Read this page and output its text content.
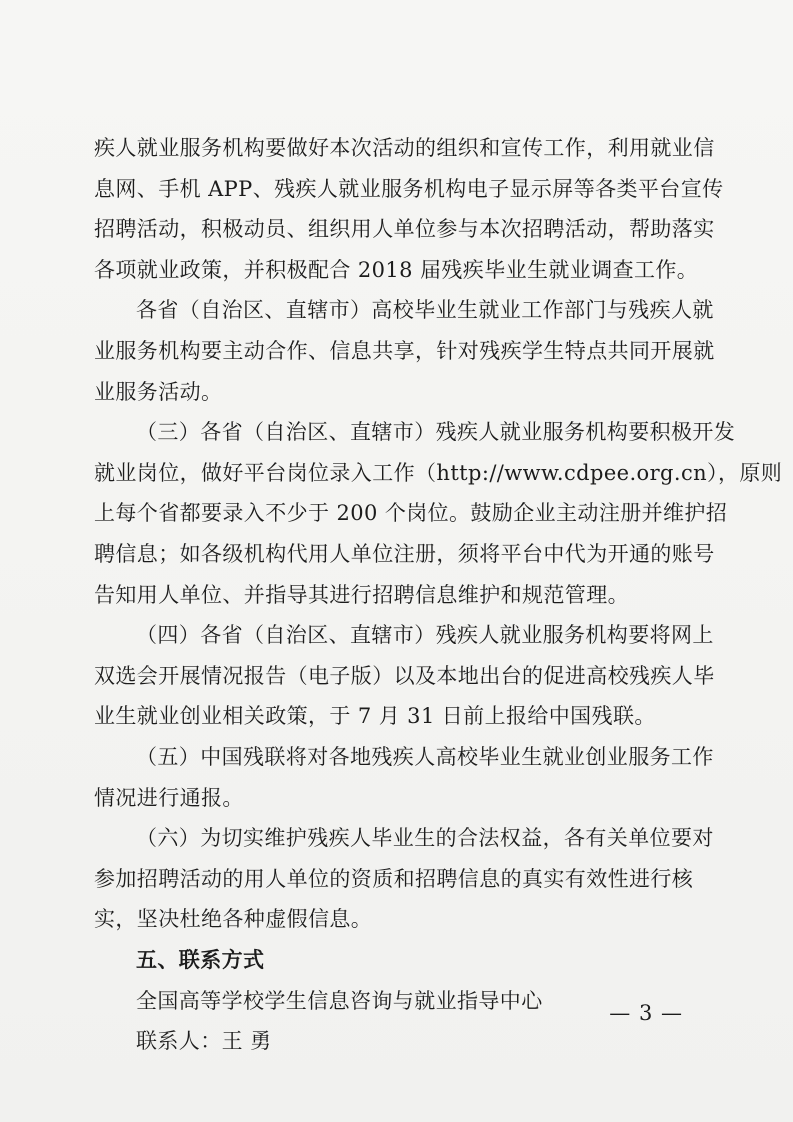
疾人就业服务机构要做好本次活动的组织和宣传工作，利用就业信
息网、手机 APP、残疾人就业服务机构电子显示屏等各类平台宣传
招聘活动，积极动员、组织用人单位参与本次招聘活动，帮助落实
各项就业政策，并积极配合 2018 届残疾毕业生就业调查工作。
各省（自治区、直辖市）高校毕业生就业工作部门与残疾人就
业服务机构要主动合作、信息共享，针对残疾学生特点共同开展就
业服务活动。
（三）各省（自治区、直辖市）残疾人就业服务机构要积极开发
就业岗位，做好平台岗位录入工作（http://www.cdpee.org.cn），原则
上每个省都要录入不少于 200 个岗位。鼓励企业主动注册并维护招
聘信息；如各级机构代用人单位注册，须将平台中代为开通的账号
告知用人单位、并指导其进行招聘信息维护和规范管理。
（四）各省（自治区、直辖市）残疾人就业服务机构要将网上
双选会开展情况报告（电子版）以及本地出台的促进高校残疾人毕
业生就业创业相关政策，于 7 月 31 日前上报给中国残联。
（五）中国残联将对各地残疾人高校毕业生就业创业服务工作
情况进行通报。
（六）为切实维护残疾人毕业生的合法权益，各有关单位要对
参加招聘活动的用人单位的资质和招聘信息的真实有效性进行核
实，坚决杜绝各种虚假信息。
五、联系方式
全国高等学校学生信息咨询与就业指导中心
联系人：王 勇
— 3 —
